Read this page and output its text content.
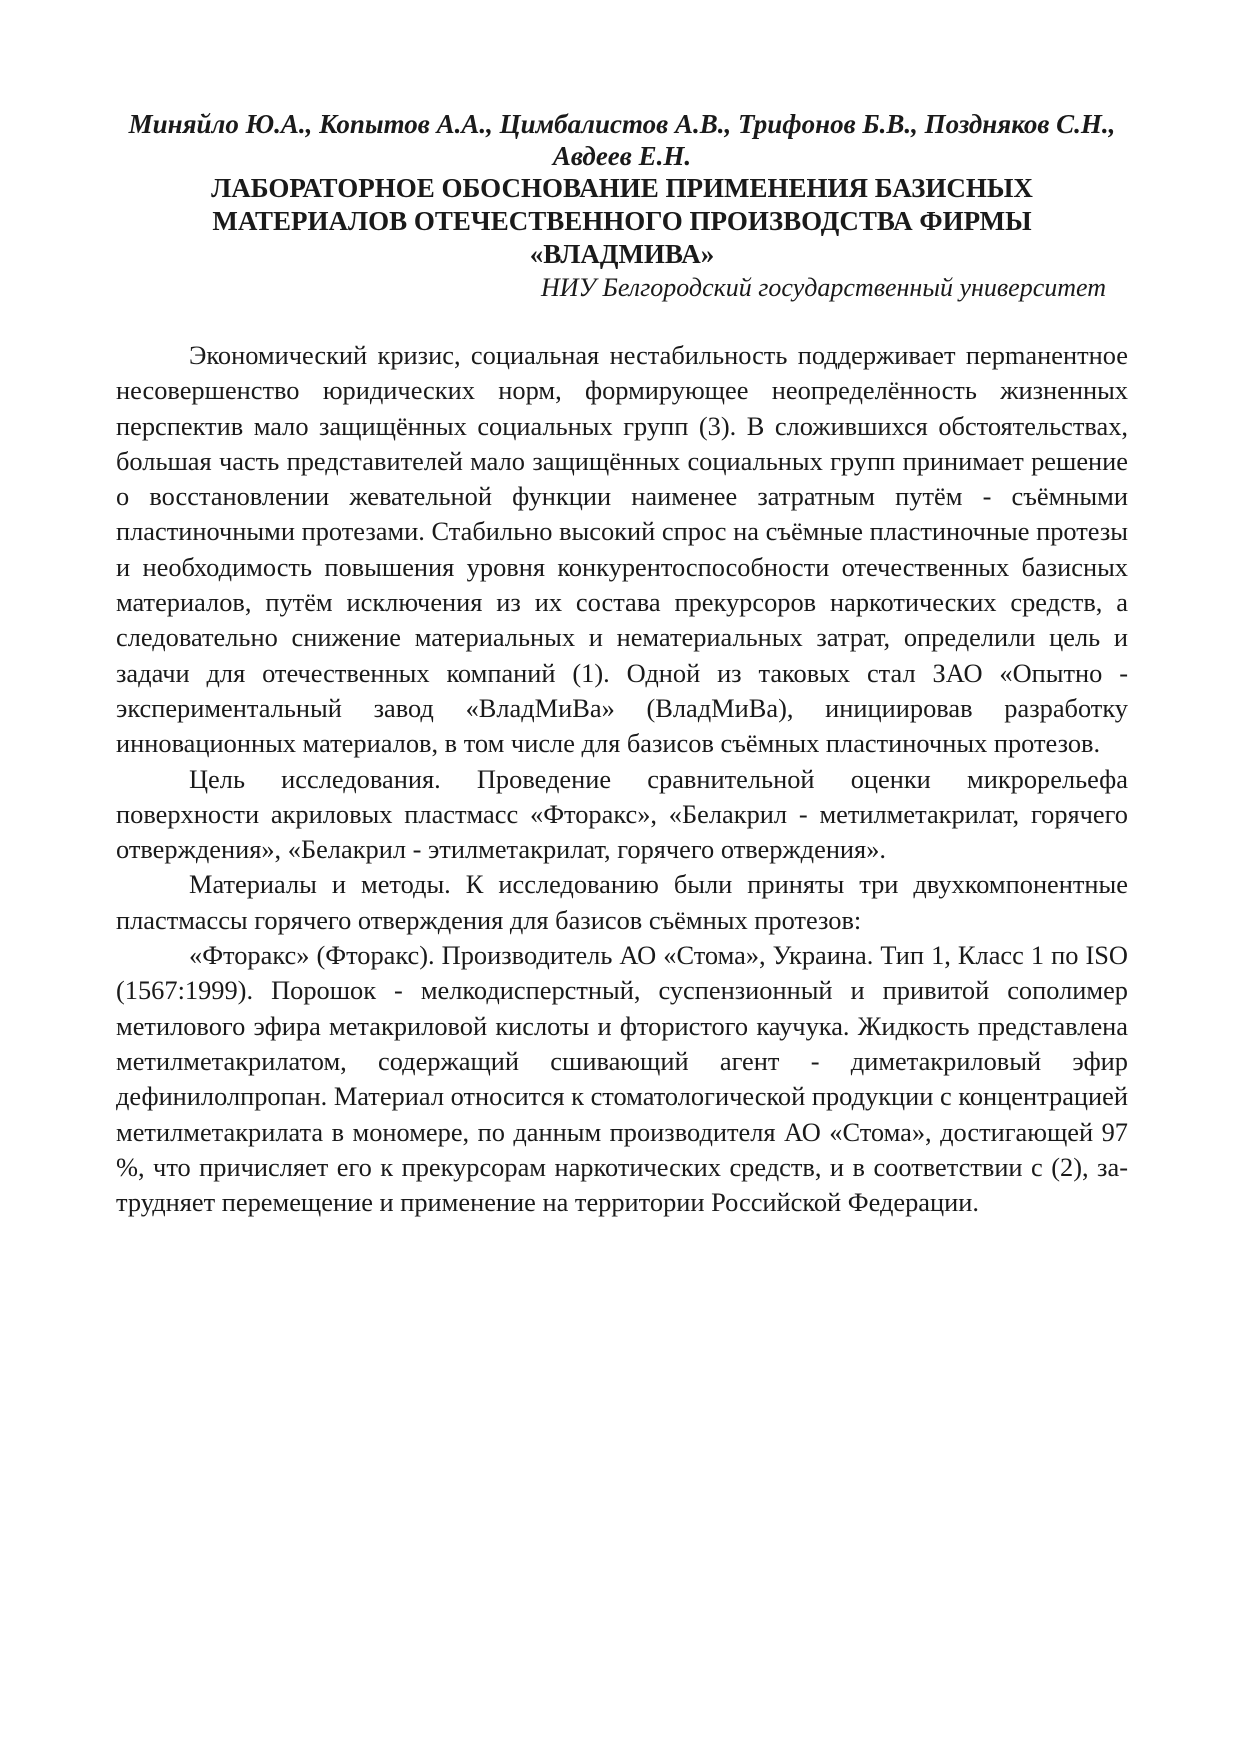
Миняйло Ю.А., Копытов А.А., Цимбалистов А.В., Трифонов Б.В., Поздняков С.Н., Авдеев Е.Н.

ЛАБОРАТОРНОЕ ОБОСНОВАНИЕ ПРИМЕНЕНИЯ БАЗИСНЫХ
МАТЕРИАЛОВ ОТЕЧЕСТВЕННОГО ПРОИЗВОДСТВА ФИРМЫ
«ВЛАДМИВА»

НИУ Белгородский государственный университет

Экономический кризис, социальная нестабильность поддерживает перmанентное несовершенство юридических норм, формирующее неопределённость жизненных перспектив мало защищённых социальных групп (3). В сложившихся обстоятельствах, большая часть представителей мало защищённых социальных групп принимает решение о восстановлении жевательной функции наименее затратным путём - съёмными пластиночными протезами. Стабильно высокий спрос на съёмные пластиночные протезы и необходимость повышения уровня конкурентоспособности отечественных базисных материалов, путём исключения из их состава прекурсоров наркотических средств, а следовательно снижение материальных и нематериальных затрат, определили цель и задачи для отечественных компаний (1). Одной из таковых стал ЗАО «Опытно - экспериментальный завод «ВладМиВа» (ВладМиВа), инициировав разработку инновационных материалов, в том числе для базисов съёмных пластиночных протезов.

Цель исследования. Проведение сравнительной оценки микрорельефа поверхности акриловых пластмасс «Фторакс», «Белакрил - метилметакрилат, горячего отверждения», «Белакрил - этилметакрилат, горячего отверждения».

Материалы и методы. К исследованию были приняты три двухкомпонентные пластмассы горячего отверждения для базисов съёмных протезов:

«Фторакс» (Фторакс). Производитель АО «Стома», Украина. Тип 1, Класс 1 по ISO (1567:1999). Порошок - мелкодисперстный, суспензионный и привитой сополимер метилового эфира метакриловой кислоты и фтористого каучука. Жидкость представлена метилметакрилатом, содержащий сшивающий агент - диметакриловый эфир дефинилолпропан. Материал относится к стоматологической продукции с концентрацией метилметакрилата в мономере, по данным производителя АО «Стома», достигающей 97 %, что причисляет его к прекурсорам наркотических средств, и в соответствии с (2), затрудняет перемещение и применение на территории Российской Федерации.
